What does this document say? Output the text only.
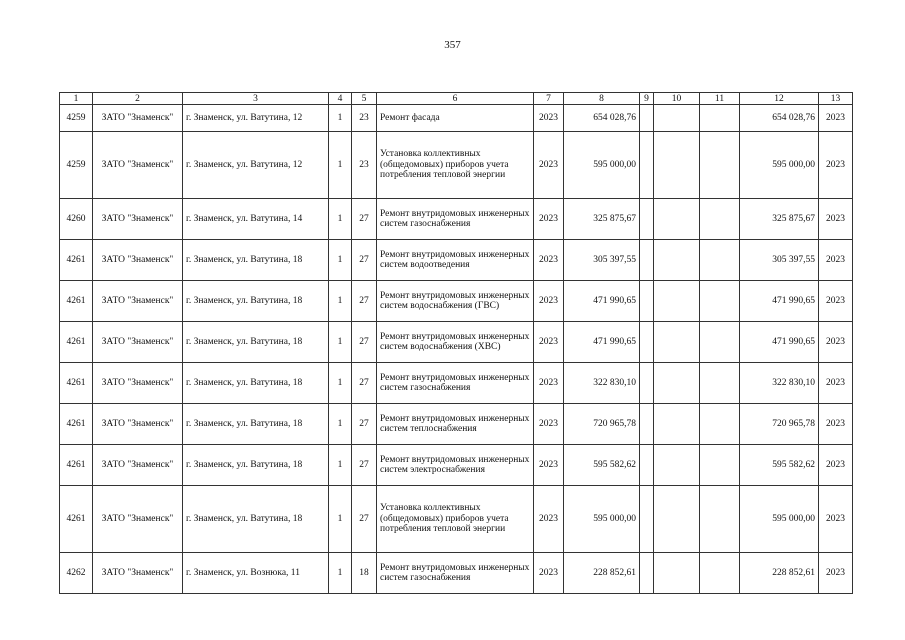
357
1	2	3	4	5	6	7	8	9	10	11	12	13
4259	ЗАТО "Знаменск"	г. Знаменск, ул. Ватутина, 12	1	23	Ремонт фасада	2023	654 028,76				654 028,76	2023
4259	ЗАТО "Знаменск"	г. Знаменск, ул. Ватутина, 12	1	23	Установка коллективных (общедомовых) приборов учета потребления тепловой энергии	2023	595 000,00				595 000,00	2023
4260	ЗАТО "Знаменск"	г. Знаменск, ул. Ватутина, 14	1	27	Ремонт внутридомовых инженерных систем газоснабжения	2023	325 875,67				325 875,67	2023
4261	ЗАТО "Знаменск"	г. Знаменск, ул. Ватутина, 18	1	27	Ремонт внутридомовых инженерных систем водоотведения	2023	305 397,55				305 397,55	2023
4261	ЗАТО "Знаменск"	г. Знаменск, ул. Ватутина, 18	1	27	Ремонт внутридомовых инженерных систем водоснабжения (ГВС)	2023	471 990,65				471 990,65	2023
4261	ЗАТО "Знаменск"	г. Знаменск, ул. Ватутина, 18	1	27	Ремонт внутридомовых инженерных систем водоснабжения (ХВС)	2023	471 990,65				471 990,65	2023
4261	ЗАТО "Знаменск"	г. Знаменск, ул. Ватутина, 18	1	27	Ремонт внутридомовых инженерных систем газоснабжения	2023	322 830,10				322 830,10	2023
4261	ЗАТО "Знаменск"	г. Знаменск, ул. Ватутина, 18	1	27	Ремонт внутридомовых инженерных систем теплоснабжения	2023	720 965,78				720 965,78	2023
4261	ЗАТО "Знаменск"	г. Знаменск, ул. Ватутина, 18	1	27	Ремонт внутридомовых инженерных систем электроснабжения	2023	595 582,62				595 582,62	2023
4261	ЗАТО "Знаменск"	г. Знаменск, ул. Ватутина, 18	1	27	Установка коллективных (общедомовых) приборов учета потребления тепловой энергии	2023	595 000,00				595 000,00	2023
4262	ЗАТО "Знаменск"	г. Знаменск, ул. Вознюка, 11	1	18	Ремонт внутридомовых инженерных систем газоснабжения	2023	228 852,61				228 852,61	2023
